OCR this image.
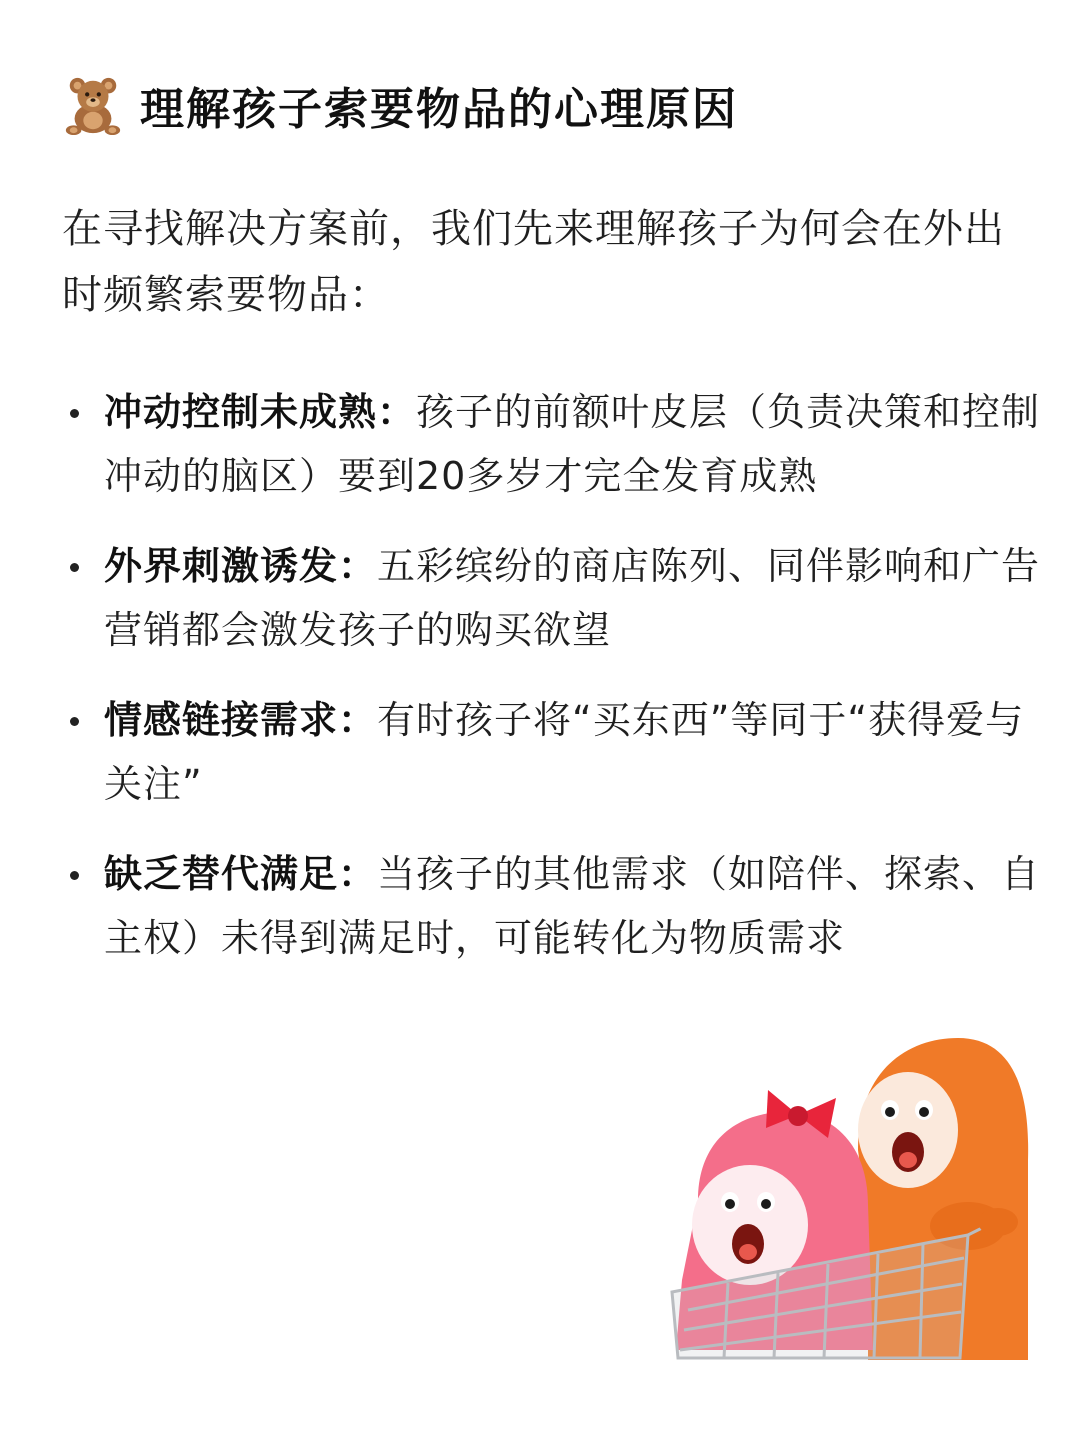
理解孩子索要物品的心理原因
在寻找解决方案前，我们先来理解孩子为何会在外出时频繁索要物品：
冲动控制未成熟：孩子的前额叶皮层（负责决策和控制冲动的脑区）要到20多岁才完全发育成熟
外界刺激诱发：五彩缤纷的商店陈列、同伴影响和广告营销都会激发孩子的购买欲望
情感链接需求：有时孩子将“买东西”等同于“获得爱与关注”
缺乏替代满足：当孩子的其他需求（如陪伴、探索、自主权）未得到满足时，可能转化为物质需求
